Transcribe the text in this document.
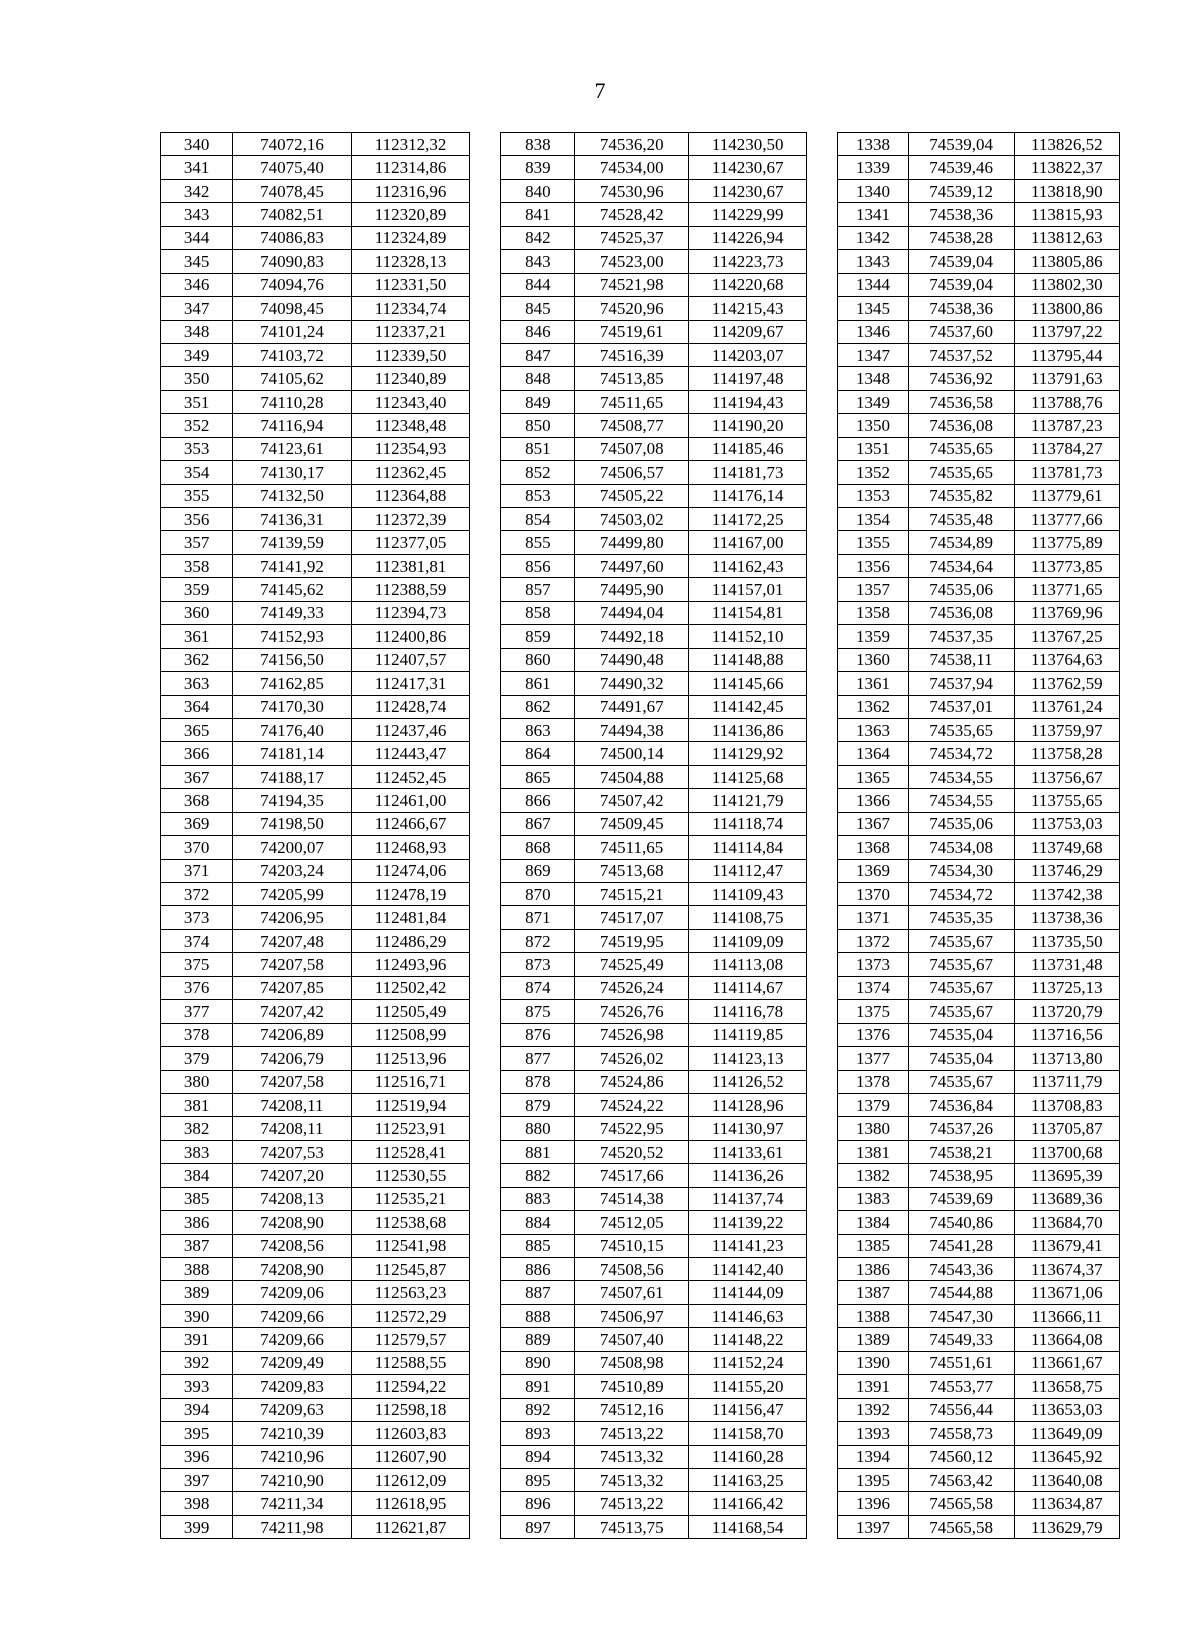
7
340	74072,16	112312,32		838	74536,20	114230,50		1338	74539,04	113826,52
341	74075,40	112314,86		839	74534,00	114230,67		1339	74539,46	113822,37
342	74078,45	112316,96		840	74530,96	114230,67		1340	74539,12	113818,90
343	74082,51	112320,89		841	74528,42	114229,99		1341	74538,36	113815,93
344	74086,83	112324,89		842	74525,37	114226,94		1342	74538,28	113812,63
345	74090,83	112328,13		843	74523,00	114223,73		1343	74539,04	113805,86
346	74094,76	112331,50		844	74521,98	114220,68		1344	74539,04	113802,30
347	74098,45	112334,74		845	74520,96	114215,43		1345	74538,36	113800,86
348	74101,24	112337,21		846	74519,61	114209,67		1346	74537,60	113797,22
349	74103,72	112339,50		847	74516,39	114203,07		1347	74537,52	113795,44
350	74105,62	112340,89		848	74513,85	114197,48		1348	74536,92	113791,63
351	74110,28	112343,40		849	74511,65	114194,43		1349	74536,58	113788,76
352	74116,94	112348,48		850	74508,77	114190,20		1350	74536,08	113787,23
353	74123,61	112354,93		851	74507,08	114185,46		1351	74535,65	113784,27
354	74130,17	112362,45		852	74506,57	114181,73		1352	74535,65	113781,73
355	74132,50	112364,88		853	74505,22	114176,14		1353	74535,82	113779,61
356	74136,31	112372,39		854	74503,02	114172,25		1354	74535,48	113777,66
357	74139,59	112377,05		855	74499,80	114167,00		1355	74534,89	113775,89
358	74141,92	112381,81		856	74497,60	114162,43		1356	74534,64	113773,85
359	74145,62	112388,59		857	74495,90	114157,01		1357	74535,06	113771,65
360	74149,33	112394,73		858	74494,04	114154,81		1358	74536,08	113769,96
361	74152,93	112400,86		859	74492,18	114152,10		1359	74537,35	113767,25
362	74156,50	112407,57		860	74490,48	114148,88		1360	74538,11	113764,63
363	74162,85	112417,31		861	74490,32	114145,66		1361	74537,94	113762,59
364	74170,30	112428,74		862	74491,67	114142,45		1362	74537,01	113761,24
365	74176,40	112437,46		863	74494,38	114136,86		1363	74535,65	113759,97
366	74181,14	112443,47		864	74500,14	114129,92		1364	74534,72	113758,28
367	74188,17	112452,45		865	74504,88	114125,68		1365	74534,55	113756,67
368	74194,35	112461,00		866	74507,42	114121,79		1366	74534,55	113755,65
369	74198,50	112466,67		867	74509,45	114118,74		1367	74535,06	113753,03
370	74200,07	112468,93		868	74511,65	114114,84		1368	74534,08	113749,68
371	74203,24	112474,06		869	74513,68	114112,47		1369	74534,30	113746,29
372	74205,99	112478,19		870	74515,21	114109,43		1370	74534,72	113742,38
373	74206,95	112481,84		871	74517,07	114108,75		1371	74535,35	113738,36
374	74207,48	112486,29		872	74519,95	114109,09		1372	74535,67	113735,50
375	74207,58	112493,96		873	74525,49	114113,08		1373	74535,67	113731,48
376	74207,85	112502,42		874	74526,24	114114,67		1374	74535,67	113725,13
377	74207,42	112505,49		875	74526,76	114116,78		1375	74535,67	113720,79
378	74206,89	112508,99		876	74526,98	114119,85		1376	74535,04	113716,56
379	74206,79	112513,96		877	74526,02	114123,13		1377	74535,04	113713,80
380	74207,58	112516,71		878	74524,86	114126,52		1378	74535,67	113711,79
381	74208,11	112519,94		879	74524,22	114128,96		1379	74536,84	113708,83
382	74208,11	112523,91		880	74522,95	114130,97		1380	74537,26	113705,87
383	74207,53	112528,41		881	74520,52	114133,61		1381	74538,21	113700,68
384	74207,20	112530,55		882	74517,66	114136,26		1382	74538,95	113695,39
385	74208,13	112535,21		883	74514,38	114137,74		1383	74539,69	113689,36
386	74208,90	112538,68		884	74512,05	114139,22		1384	74540,86	113684,70
387	74208,56	112541,98		885	74510,15	114141,23		1385	74541,28	113679,41
388	74208,90	112545,87		886	74508,56	114142,40		1386	74543,36	113674,37
389	74209,06	112563,23		887	74507,61	114144,09		1387	74544,88	113671,06
390	74209,66	112572,29		888	74506,97	114146,63		1388	74547,30	113666,11
391	74209,66	112579,57		889	74507,40	114148,22		1389	74549,33	113664,08
392	74209,49	112588,55		890	74508,98	114152,24		1390	74551,61	113661,67
393	74209,83	112594,22		891	74510,89	114155,20		1391	74553,77	113658,75
394	74209,63	112598,18		892	74512,16	114156,47		1392	74556,44	113653,03
395	74210,39	112603,83		893	74513,22	114158,70		1393	74558,73	113649,09
396	74210,96	112607,90		894	74513,32	114160,28		1394	74560,12	113645,92
397	74210,90	112612,09		895	74513,32	114163,25		1395	74563,42	113640,08
398	74211,34	112618,95		896	74513,22	114166,42		1396	74565,58	113634,87
399	74211,98	112621,87		897	74513,75	114168,54		1397	74565,58	113629,79
